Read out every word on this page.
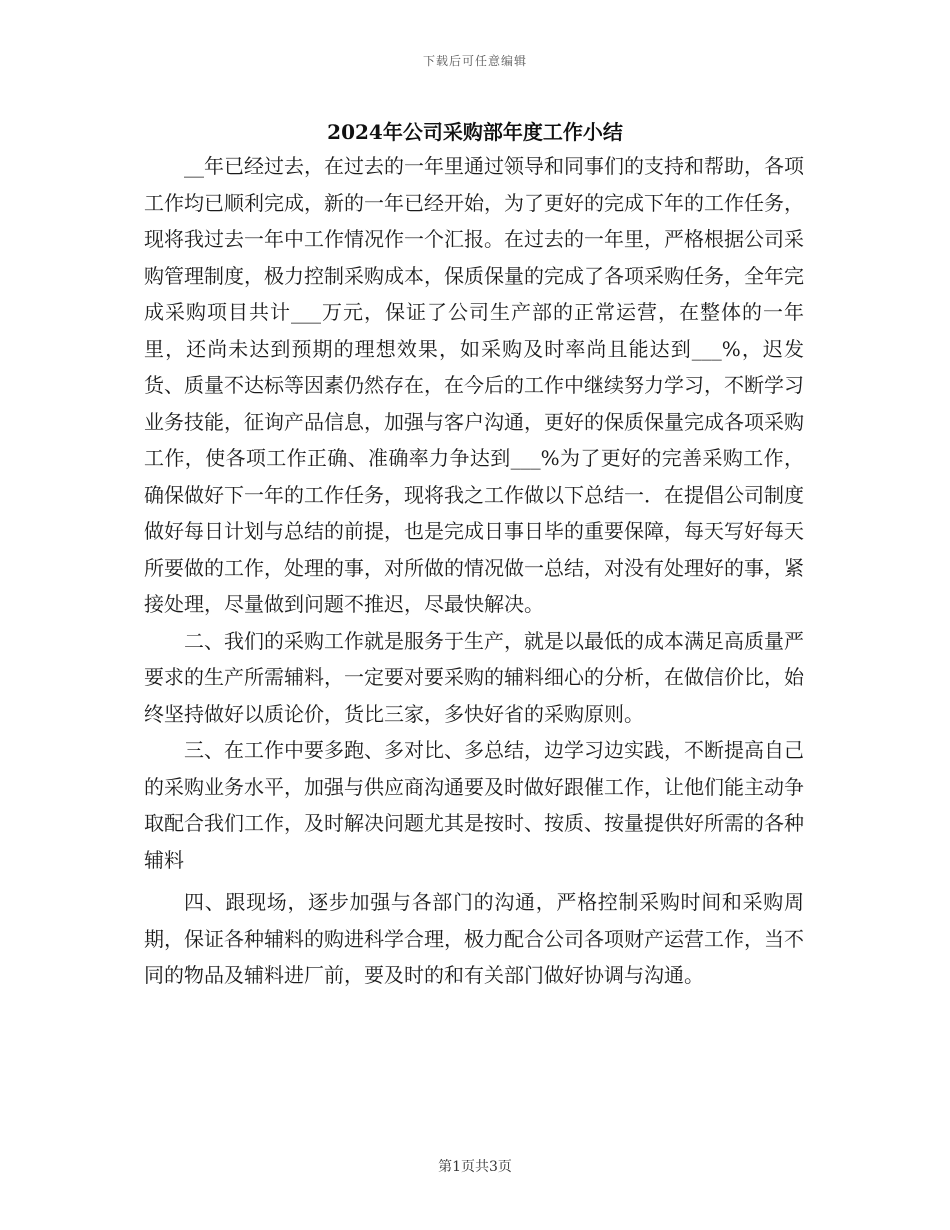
下载后可任意编辑
2024年公司采购部年度工作小结

__年已经过去，在过去的一年里通过领导和同事们的支持和帮助，各项工作均已顺利完成，新的一年已经开始，为了更好的完成下年的工作任务，现将我过去一年中工作情况作一个汇报。在过去的一年里，严格根据公司采购管理制度，极力控制采购成本，保质保量的完成了各项采购任务，全年完成采购项目共计___万元，保证了公司生产部的正常运营，在整体的一年里，还尚未达到预期的理想效果，如采购及时率尚且能达到___%，迟发货、质量不达标等因素仍然存在，在今后的工作中继续努力学习，不断学习业务技能，征询产品信息，加强与客户沟通，更好的保质保量完成各项采购工作，使各项工作正确、准确率力争达到___%为了更好的完善采购工作，确保做好下一年的工作任务，现将我之工作做以下总结一．在提倡公司制度做好每日计划与总结的前提，也是完成日事日毕的重要保障，每天写好每天所要做的工作，处理的事，对所做的情况做一总结，对没有处理好的事，紧接处理，尽量做到问题不推迟，尽最快解决。

二、我们的采购工作就是服务于生产，就是以最低的成本满足高质量严要求的生产所需辅料，一定要对要采购的辅料细心的分析，在做信价比，始终坚持做好以质论价，货比三家，多快好省的采购原则。

三、在工作中要多跑、多对比、多总结，边学习边实践，不断提高自己的采购业务水平，加强与供应商沟通要及时做好跟催工作，让他们能主动争取配合我们工作，及时解决问题尤其是按时、按质、按量提供好所需的各种辅料

四、跟现场，逐步加强与各部门的沟通，严格控制采购时间和采购周期，保证各种辅料的购进科学合理，极力配合公司各项财产运营工作，当不同的物品及辅料进厂前，要及时的和有关部门做好协调与沟通。

第1页共3页
